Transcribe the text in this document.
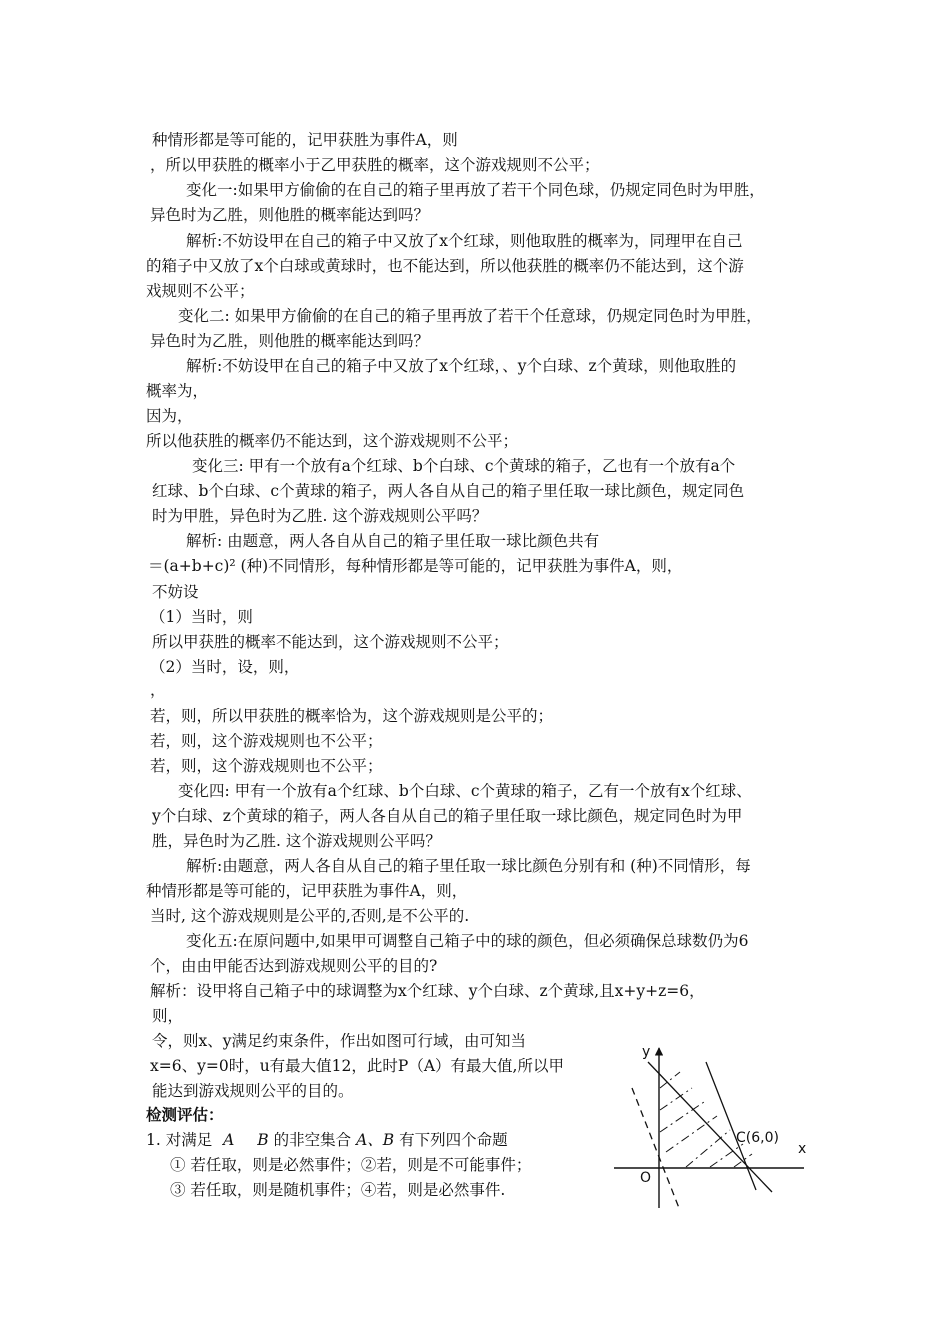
种情形都是等可能的，记甲获胜为事件A，则
，所以甲获胜的概率小于乙甲获胜的概率，这个游戏规则不公平；
变化一:如果甲方偷偷的在自己的箱子里再放了若干个同色球，仍规定同色时为甲胜，
异色时为乙胜，则他胜的概率能达到吗？
解析:不妨设甲在自己的箱子中又放了x个红球，则他取胜的概率为，同理甲在自己
的箱子中又放了x个白球或黄球时，也不能达到，所以他获胜的概率仍不能达到，这个游
戏规则不公平；
变化二: 如果甲方偷偷的在自己的箱子里再放了若干个任意球，仍规定同色时为甲胜，
异色时为乙胜，则他胜的概率能达到吗？
解析:不妨设甲在自己的箱子中又放了x个红球，、y个白球、z个黄球，则他取胜的
概率为，
因为，
所以他获胜的概率仍不能达到，这个游戏规则不公平；
变化三: 甲有一个放有a个红球、b个白球、c个黄球的箱子，乙也有一个放有a个
红球、b个白球、c个黄球的箱子，两人各自从自己的箱子里任取一球比颜色，规定同色
时为甲胜，异色时为乙胜. 这个游戏规则公平吗？
解析: 由题意，两人各自从自己的箱子里任取一球比颜色共有
＝(a+b+c)² (种)不同情形，每种情形都是等可能的，记甲获胜为事件A，则，
不妨设
（1）当时，则
所以甲获胜的概率不能达到，这个游戏规则不公平；
（2）当时，设，则，
，
若，则，所以甲获胜的概率恰为，这个游戏规则是公平的；
若，则，这个游戏规则也不公平；
若，则，这个游戏规则也不公平；
变化四: 甲有一个放有a个红球、b个白球、c个黄球的箱子，乙有一个放有x个红球、
y个白球、z个黄球的箱子，两人各自从自己的箱子里任取一球比颜色，规定同色时为甲
胜，异色时为乙胜. 这个游戏规则公平吗？
解析:由题意，两人各自从自己的箱子里任取一球比颜色分别有和 (种)不同情形，每
种情形都是等可能的，记甲获胜为事件A，则，
当时, 这个游戏规则是公平的,否则,是不公平的.
变化五:在原问题中,如果甲可调整自己箱子中的球的颜色，但必须确保总球数仍为6
个，由由甲能否达到游戏规则公平的目的?
解析：设甲将自己箱子中的球调整为x个红球、y个白球、z个黄球,且x+y+z=6，
则，
令，则x、y满足约束条件，作出如图可行域，由可知当
x=6、y=0时，u有最大值12，此时P（A）有最大值,所以甲
能达到游戏规则公平的目的。
检测评估：
1. 对满足 A B 的非空集合 A、B 有下列四个命题
① 若任取，则是必然事件；②若，则是不可能事件；
③ 若任取，则是随机事件；④若，则是必然事件.
y
x
O
C(6,0)
